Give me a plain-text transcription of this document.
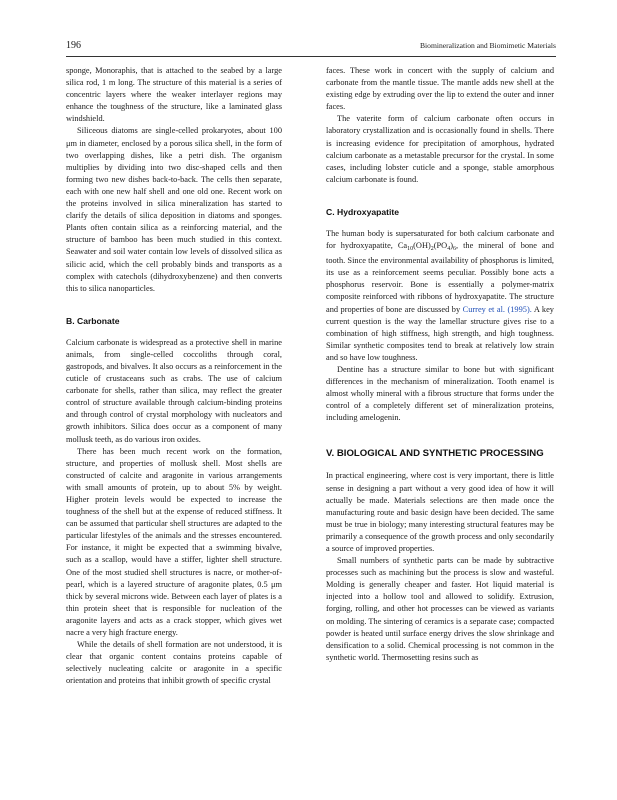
196	Biomineralization and Biomimetic Materials

sponge, Monoraphis, that is attached to the seabed by a large silica rod, 1 m long. The structure of this material is a series of concentric layers where the weaker interlayer regions may enhance the toughness of the structure, like a laminated glass windshield.

Siliceous diatoms are single-celled prokaryotes, about 100 μm in diameter, enclosed by a porous silica shell, in the form of two overlapping dishes, like a petri dish. The organism multiplies by dividing into two disc-shaped cells and then forming two new dishes back-to-back. The cells then separate, each with one new half shell and one old one. Recent work on the proteins involved in silica mineralization has started to clarify the details of silica deposition in diatoms and sponges. Plants often contain silica as a reinforcing material, and the structure of bamboo has been much studied in this context. Seawater and soil water contain low levels of dissolved silica as silicic acid, which the cell probably binds and transports as a complex with catechols (dihydroxybenzene) and then converts this to silica nanoparticles.

B. Carbonate

Calcium carbonate is widespread as a protective shell in marine animals, from single-celled coccoliths through coral, gastropods, and bivalves. It also occurs as a reinforcement in the cuticle of crustaceans such as crabs. The use of calcium carbonate for shells, rather than silica, may reflect the greater control of structure available through calcium-binding proteins and through control of crystal morphology with nucleators and growth inhibitors. Silica does occur as a component of many mollusk teeth, as do various iron oxides.

There has been much recent work on the formation, structure, and properties of mollusk shell. Most shells are constructed of calcite and aragonite in various arrangements with small amounts of protein, up to about 5% by weight. Higher protein levels would be expected to increase the toughness of the shell but at the expense of reduced stiffness. It can be assumed that particular shell structures are adapted to the particular lifestyles of the animals and the stresses encountered. For instance, it might be expected that a swimming bivalve, such as a scallop, would have a stiffer, lighter shell structure. One of the most studied shell structures is nacre, or mother-of-pearl, which is a layered structure of aragonite plates, 0.5 μm thick by several microns wide. Between each layer of plates is a thin protein sheet that is responsible for nucleation of the aragonite layers and acts as a crack stopper, which gives wet nacre a very high fracture energy.

While the details of shell formation are not understood, it is clear that organic content contains proteins capable of selectively nucleating calcite or aragonite in a specific orientation and proteins that inhibit growth of specific crystal

faces. These work in concert with the supply of calcium and carbonate from the mantle tissue. The mantle adds new shell at the existing edge by extruding over the lip to extend the outer and inner faces.

The vaterite form of calcium carbonate often occurs in laboratory crystallization and is occasionally found in shells. There is increasing evidence for precipitation of amorphous, hydrated calcium carbonate as a metastable precursor for the crystal. In some cases, including lobster cuticle and a sponge, stable amorphous calcium carbonate is found.

C. Hydroxyapatite

The human body is supersaturated for both calcium carbonate and for hydroxyapatite, $Ca_{10}(OH)_2(PO_4)_6$, the mineral of bone and tooth. Since the environmental availability of phosphorus is limited, its use as a reinforcement seems peculiar. Possibly bone acts a phosphorus reservoir. Bone is essentially a polymer-matrix composite reinforced with ribbons of hydroxyapatite. The structure and properties of bone are discussed by Currey et al. (1995). A key current question is the way the lamellar structure gives rise to a combination of high stiffness, high strength, and high toughness. Similar synthetic composites tend to break at relatively low strain and so have low toughness.

Dentine has a structure similar to bone but with significant differences in the mechanism of mineralization. Tooth enamel is almost wholly mineral with a fibrous structure that forms under the control of a completely different set of mineralization proteins, including amelogenin.

V. BIOLOGICAL AND SYNTHETIC PROCESSING

In practical engineering, where cost is very important, there is little sense in designing a part without a very good idea of how it will actually be made. Materials selections are then made once the manufacturing route and basic design have been decided. The same must be true in biology; many interesting structural features may be primarily a consequence of the growth process and only secondarily a source of improved properties.

Small numbers of synthetic parts can be made by subtractive processes such as machining but the process is slow and wasteful. Molding is generally cheaper and faster. Hot liquid material is injected into a hollow tool and allowed to solidify. Extrusion, forging, rolling, and other hot processes can be viewed as variants on molding. The sintering of ceramics is a separate case; compacted powder is heated until surface energy drives the slow shrinkage and densification to a solid. Chemical processing is not common in the synthetic world. Thermosetting resins such as
